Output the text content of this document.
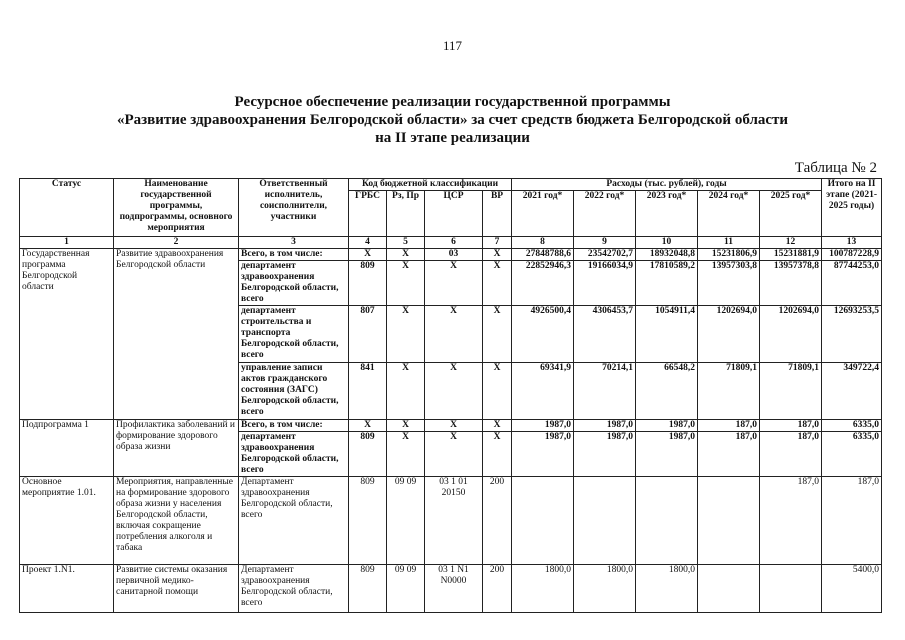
117
Ресурсное обеспечение реализации государственной программы
«Развитие здравоохранения Белгородской области» за счет средств бюджета Белгородской области
на II этапе реализации
Таблица № 2
Статус	Наименование государственной программы, подпрограммы, основного мероприятия	Ответственный исполнитель, соисполнители, участники	Код бюджетной классификации				Расходы (тыс. рублей), годы					Итого на II этапе (2021-2025 годы)
			ГРБС	Рз, Пр	ЦСР	ВР	2021 год*	2022 год*	2023 год*	2024 год*	2025 год*	
1	2	3	4	5	6	7	8	9	10	11	12	13
Государственная программа Белгородской области	Развитие здравоохранения Белгородской области	Всего, в том числе:	Х	Х	03	Х	27848788,6	23542702,7	18932048,8	15231806,9	15231881,9	100787228,9
		департамент здравоохранения Белгородской области, всего	809	Х	Х	Х	22852946,3	19166034,9	17810589,2	13957303,8	13957378,8	87744253,0
		департамент строительства и транспорта Белгородской области, всего	807	Х	Х	Х	4926500,4	4306453,7	1054911,4	1202694,0	1202694,0	12693253,5
		управление записи актов гражданского состояния (ЗАГС) Белгородской области, всего	841	Х	Х	Х	69341,9	70214,1	66548,2	71809,1	71809,1	349722,4
Подпрограмма 1	Профилактика заболеваний и формирование здорового образа жизни	Всего, в том числе:	Х	Х	Х	Х	1987,0	1987,0	1987,0	187,0	187,0	6335,0
		департамент здравоохранения Белгородской области, всего	809	Х	Х	Х	1987,0	1987,0	1987,0	187,0	187,0	6335,0
Основное мероприятие 1.01.	Мероприятия, направленные на формирование здорового образа жизни у населения Белгородской области, включая сокращение потребления алкоголя и табака	Департамент здравоохранения Белгородской области, всего	809	09 09	03 1 01 20150	200					187,0	187,0
Проект 1.N1.	Развитие системы оказания первичной медико-санитарной помощи	Департамент здравоохранения Белгородской области, всего	809	09 09	03 1 N1 N0000	200	1800,0	1800,0	1800,0			5400,0
